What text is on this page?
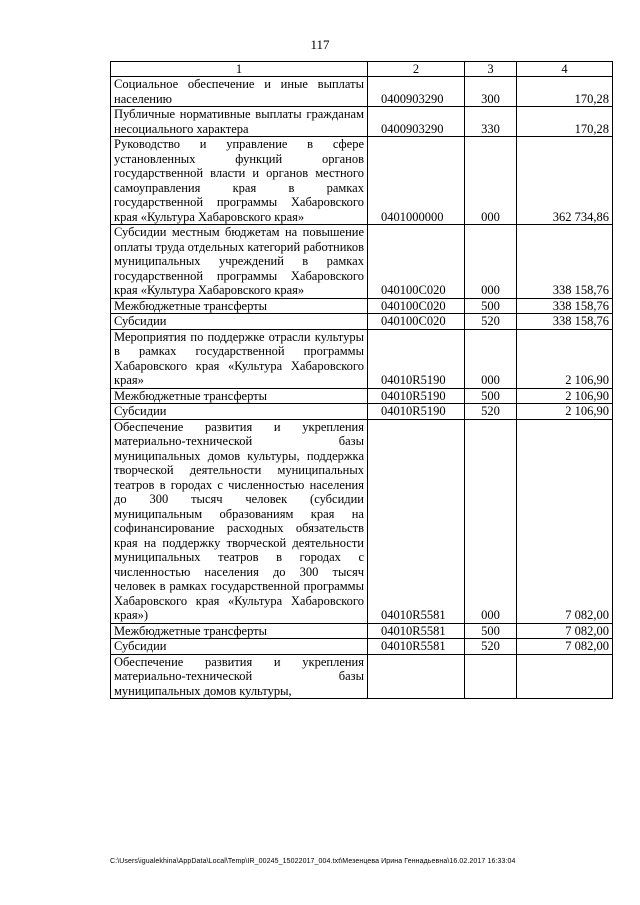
117
1	2	3	4
Социальное обеспечение и иные выплаты населению	0400903290	300	170,28
Публичные нормативные выплаты гражданам несоциального характера	0400903290	330	170,28
Руководство и управление в сфере установленных функций органов государственной власти и органов местного самоуправления края в рамках государственной программы Хабаровского края «Культура Хабаровского края»	0401000000	000	362 734,86
Субсидии местным бюджетам на повышение оплаты труда отдельных категорий работников муниципальных учреждений в рамках государственной программы Хабаровского края «Культура Хабаровского края»	040100С020	000	338 158,76
Межбюджетные трансферты	040100С020	500	338 158,76
Субсидии	040100С020	520	338 158,76
Мероприятия по поддержке отрасли культуры в рамках государственной программы Хабаровского края «Культура Хабаровского края»	04010R5190	000	2 106,90
Межбюджетные трансферты	04010R5190	500	2 106,90
Субсидии	04010R5190	520	2 106,90
Обеспечение развития и укрепления материально-технической базы муниципальных домов культуры, поддержка творческой деятельности муниципальных театров в городах с численностью населения до 300 тысяч человек (субсидии муниципальным образованиям края на софинансирование расходных обязательств края на поддержку творческой деятельности муниципальных театров в городах с численностью населения до 300 тысяч человек в рамках государственной программы Хабаровского края «Культура Хабаровского края»)	04010R5581	000	7 082,00
Межбюджетные трансферты	04010R5581	500	7 082,00
Субсидии	04010R5581	520	7 082,00
Обеспечение развития и укрепления материально-технической базы муниципальных домов культуры,			
C:\Users\igualekhina\AppData\Local\Temp\IR_00245_15022017_004.txt\Мезенцева Ирина Геннадьевна\16.02.2017 16:33:04
